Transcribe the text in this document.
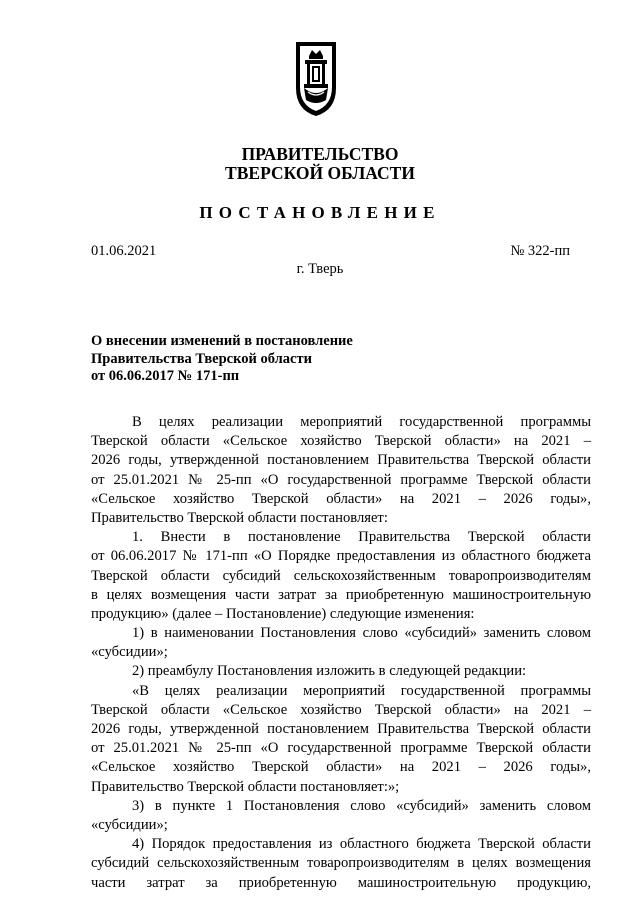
ПРАВИТЕЛЬСТВО
ТВЕРСКОЙ ОБЛАСТИ
ПОСТАНОВЛЕНИЕ
01.06.2021	№ 322-пп
г. Тверь
О внесении изменений в постановление
Правительства Тверской области
от 06.06.2017 № 171-пп
В целях реализации мероприятий государственной программы
Тверской области «Сельское хозяйство Тверской области» на 2021 –
2026 годы, утвержденной постановлением Правительства Тверской области
от 25.01.2021 № 25-пп «О государственной программе Тверской области
«Сельское хозяйство Тверской области» на 2021 – 2026 годы»,
Правительство Тверской области постановляет:
1. Внести в постановление Правительства Тверской области
от 06.06.2017 № 171-пп «О Порядке предоставления из областного бюджета
Тверской области субсидий сельскохозяйственным товаропроизводителям
в целях возмещения части затрат за приобретенную машиностроительную
продукцию» (далее – Постановление) следующие изменения:
1) в наименовании Постановления слово «субсидий» заменить словом
«субсидии»;
2) преамбулу Постановления изложить в следующей редакции:
«В целях реализации мероприятий государственной программы
Тверской области «Сельское хозяйство Тверской области» на 2021 –
2026 годы, утвержденной постановлением Правительства Тверской области
от 25.01.2021 № 25-пп «О государственной программе Тверской области
«Сельское хозяйство Тверской области» на 2021 – 2026 годы»,
Правительство Тверской области постановляет:»;
3) в пункте 1 Постановления слово «субсидий» заменить словом
«субсидии»;
4) Порядок предоставления из областного бюджета Тверской области
субсидий сельскохозяйственным товаропроизводителям в целях возмещения
части затрат за приобретенную машиностроительную продукцию,
